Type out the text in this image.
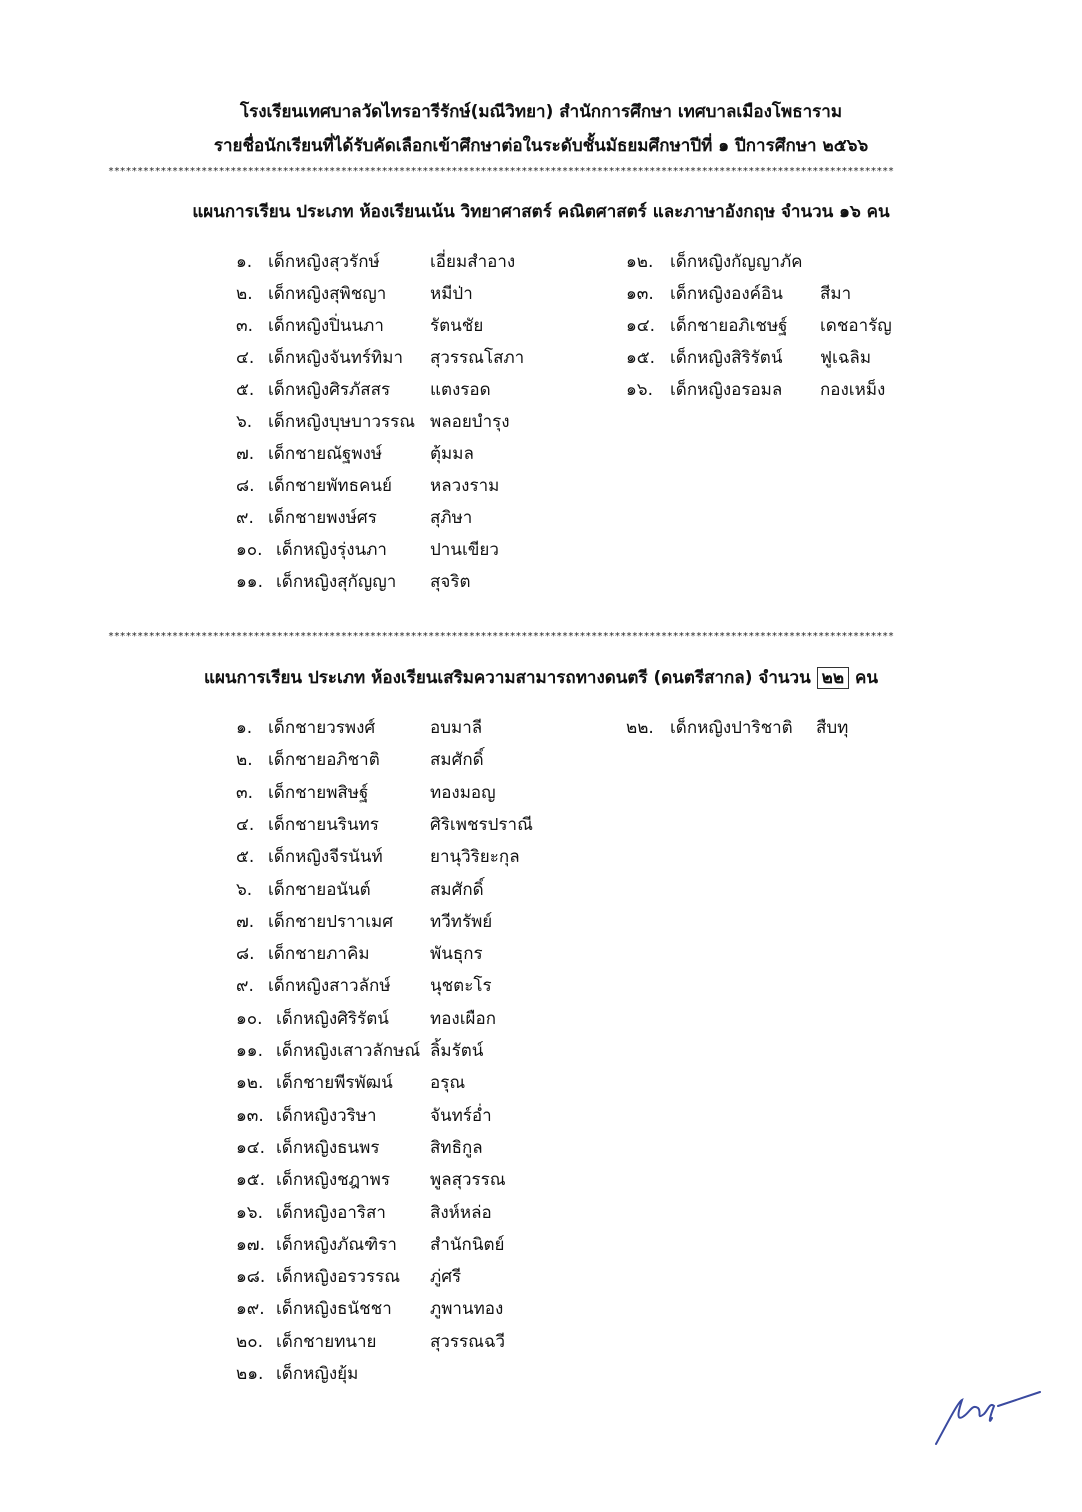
โรงเรียนเทศบาลวัดไทรอารีรักษ์(มณีวิทยา) สำนักการศึกษา เทศบาลเมืองโพธาราม
รายชื่อนักเรียนที่ได้รับคัดเลือกเข้าศึกษาต่อในระดับชั้นมัธยมศึกษาปีที่ ๑ ปีการศึกษา ๒๕๖๖
***************************************************************************************************************************************
แผนการเรียน ประเภท ห้องเรียนเน้น วิทยาศาสตร์ คณิตศาสตร์ และภาษาอังกฤษ จำนวน ๑๖ คน
๑. เด็กหญิงสุวรักษ์	เอี่ยมสำอาง
๒. เด็กหญิงสุพิชญา	หมีป่า
๓. เด็กหญิงปิ่นนภา	รัตนชัย
๔. เด็กหญิงจันทร์ทิมา สุวรรณโสภา
๕. เด็กหญิงศิรภัสสร แตงรอด
๖. เด็กหญิงบุษบาวรรณ พลอยบำรุง
๗. เด็กชายณัฐพงษ์	ตุ้มมล
๘. เด็กชายพัทธคนย์ หลวงราม
๙. เด็กชายพงษ์ศร	สุภิษา
๑๐. เด็กหญิงรุ่งนภา	ปานเขียว
๑๑. เด็กหญิงสุกัญญา สุจริต
๑๒. เด็กหญิงกัญญาภัค
๑๓. เด็กหญิงองค์อิน สีมา
๑๔. เด็กชายอภิเชษฐ์ เดชอารัญ
๑๕. เด็กหญิงสิริรัตน์ ฟูเฉลิม
๑๖. เด็กหญิงอรอมล กองเหม็ง
***************************************************************************************************************************************
แผนการเรียน ประเภท ห้องเรียนเสริมความสามารถทางดนตรี (ดนตรีสากล) จำนวน ๒๒ คน
๑. เด็กชายวรพงศ์	อบมาลี
๒. เด็กชายอภิชาติ	สมศักดิ์
๓. เด็กชายพสิษฐ์	ทองมอญ
๔. เด็กชายนรินทร	ศิริเพชรปราณี
๕. เด็กหญิงจีรนันท์	ยานุวิริยะกุล
๖. เด็กชายอนันต์	สมศักดิ์
๗. เด็กชายปราาเมศ ทวีทรัพย์
๘. เด็กชายภาคิม	พันธุกร
๙. เด็กหญิงสาวลักษ์ นุชตะโร
๑๐. เด็กหญิงศิริรัตน์ ทองเผือก
๑๑. เด็กหญิงเสาวลักษณ์ ลิ้มรัตน์
๑๒. เด็กชายพีรพัฒน์ อรุณ
๑๓. เด็กหญิงวริษา	จันทร์อ่ำ
๑๔. เด็กหญิงธนพร	สิทธิกูล
๑๕. เด็กหญิงชฎาพร พูลสุวรรณ
๑๖. เด็กหญิงอาริสา	สิงห์หล่อ
๑๗. เด็กหญิงภัณฑิรา สำนักนิตย์
๑๘. เด็กหญิงอรวรรณ ภู่ศรี
๑๙. เด็กหญิงธนัชชา ภูพานทอง
๒๐. เด็กชายทนาย	สุวรรณฉวี
๒๑. เด็กหญิงยุ้ม
๒๒. เด็กหญิงปาริชาติ สืบทุ
